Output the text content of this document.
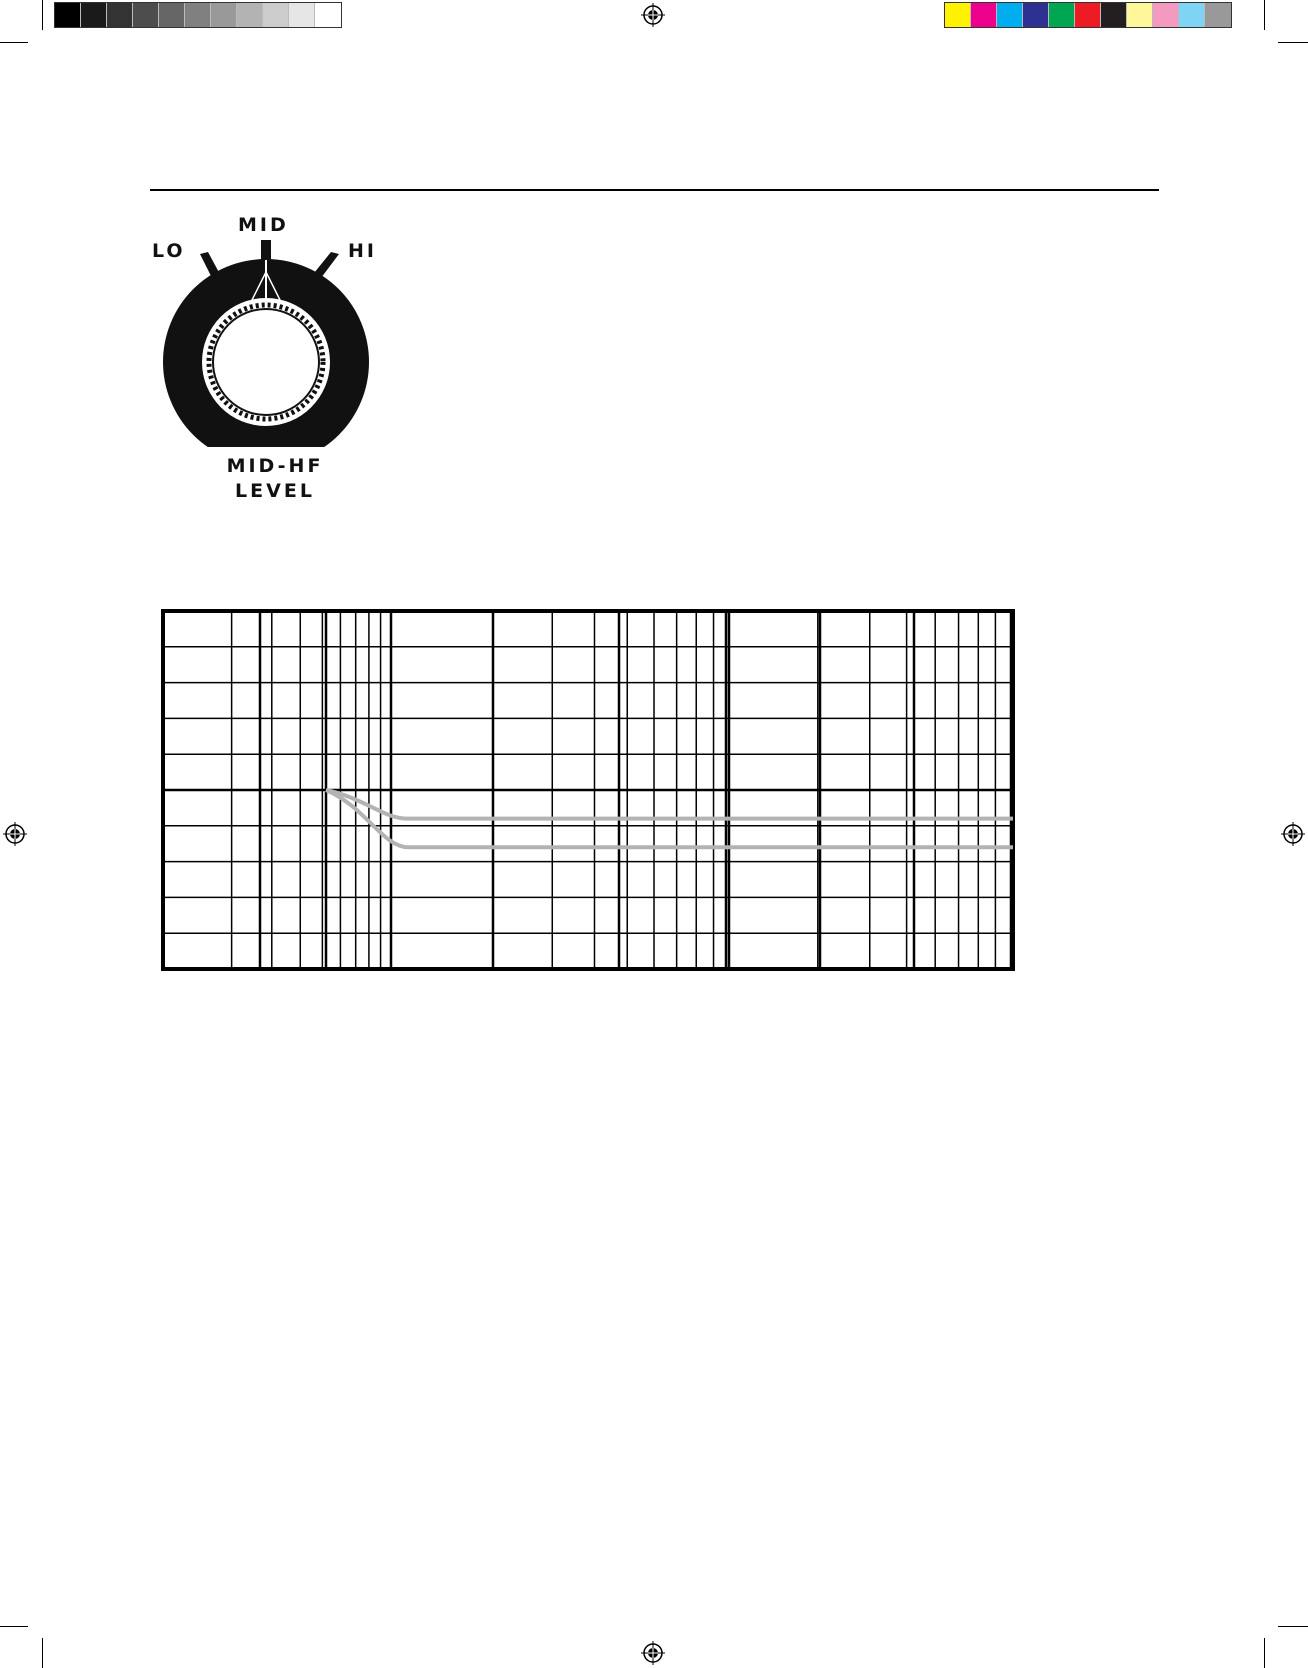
MID
LO	HI
MID-HF
LEVEL
